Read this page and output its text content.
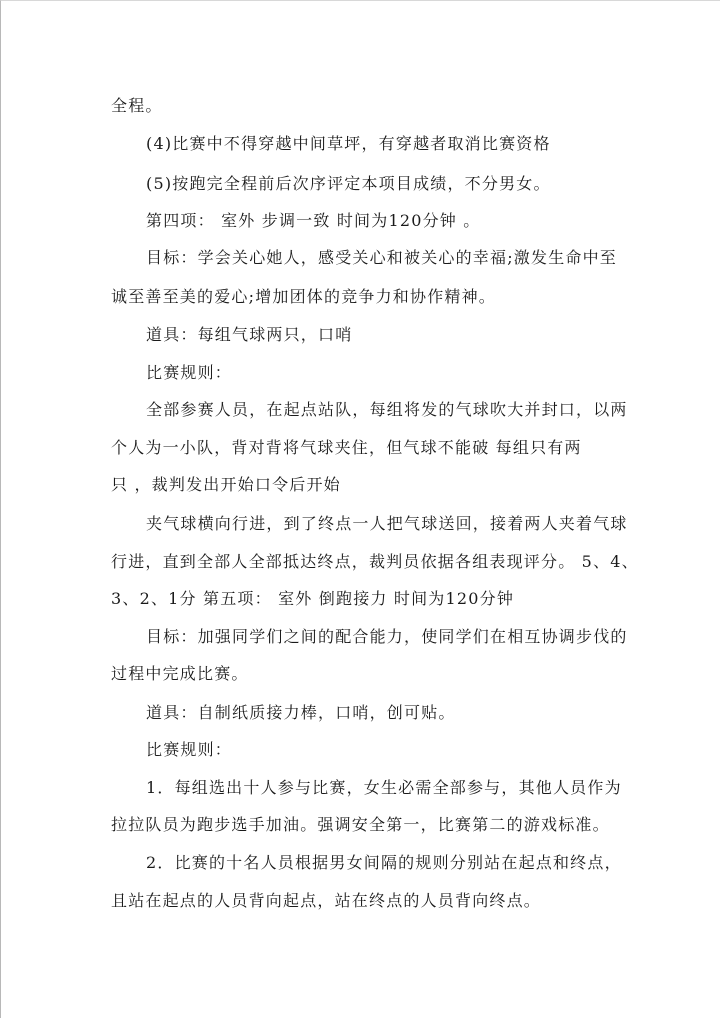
全程。
(4)比赛中不得穿越中间草坪，有穿越者取消比赛资格
(5)按跑完全程前后次序评定本项目成绩，不分男女。
第四项： 室外 步调一致 时间为120分钟 。
目标：学会关心她人，感受关心和被关心的幸福;激发生命中至
诚至善至美的爱心;增加团体的竞争力和协作精神。
道具：每组气球两只，口哨
比赛规则：
全部参赛人员，在起点站队，每组将发的气球吹大并封口，以两
个人为一小队，背对背将气球夹住，但气球不能破 每组只有两
只 ，裁判发出开始口令后开始
夹气球横向行进，到了终点一人把气球送回，接着两人夹着气球
行进，直到全部人全部抵达终点，裁判员依据各组表现评分。 5、4、
3、2、1分 第五项： 室外 倒跑接力 时间为120分钟
目标：加强同学们之间的配合能力，使同学们在相互协调步伐的
过程中完成比赛。
道具：自制纸质接力棒，口哨，创可贴。
比赛规则：
1．每组选出十人参与比赛，女生必需全部参与，其他人员作为
拉拉队员为跑步选手加油。强调安全第一，比赛第二的游戏标准。
2．比赛的十名人员根据男女间隔的规则分别站在起点和终点，
且站在起点的人员背向起点，站在终点的人员背向终点。
